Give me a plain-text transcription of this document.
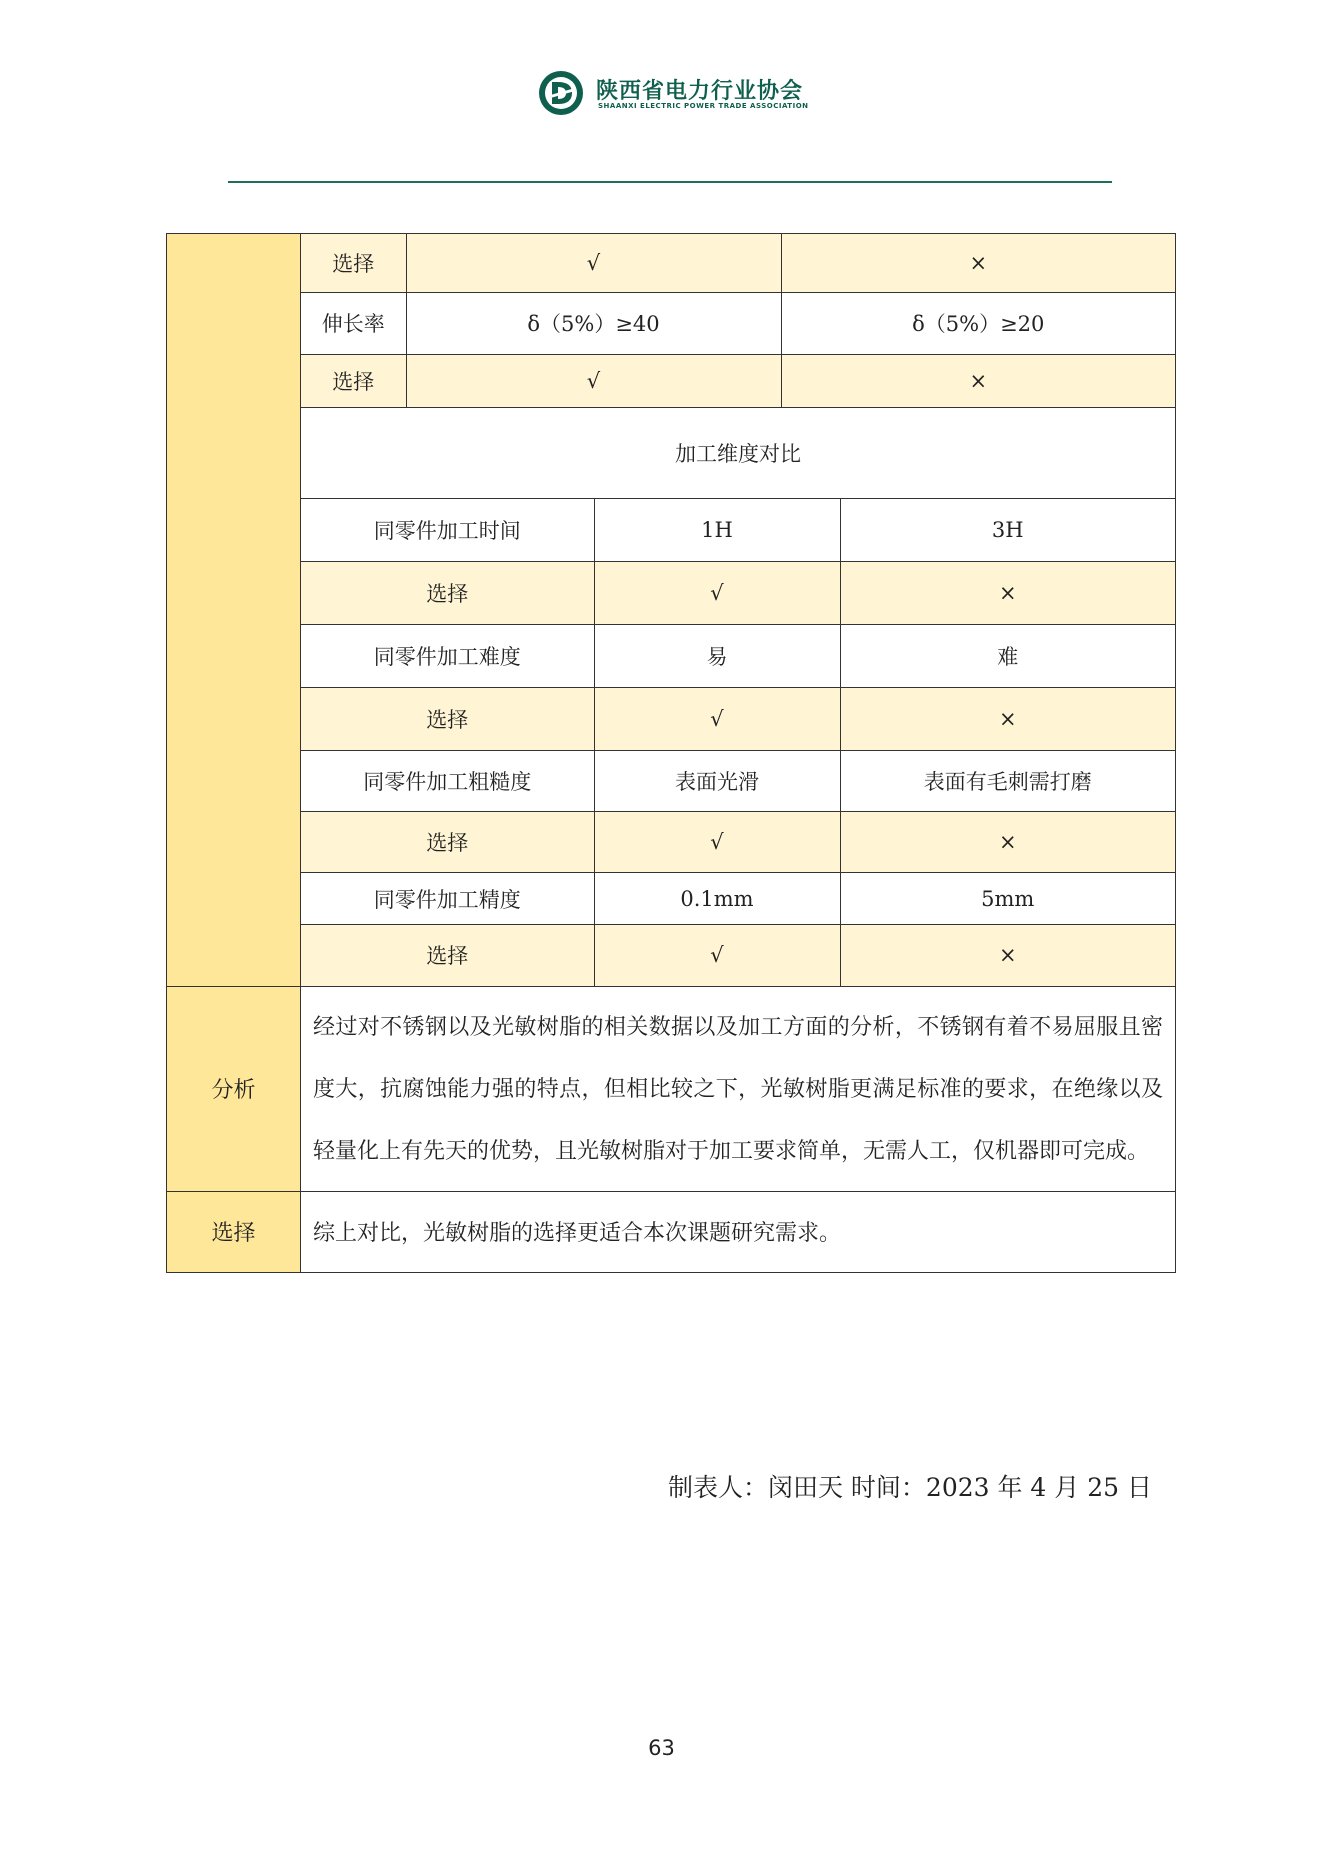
陕西省电力行业协会
SHAANXI ELECTRIC POWER TRADE ASSOCIATION

选择	√	×
伸长率	δ（5%）≥40	δ（5%）≥20
选择	√	×
加工维度对比
同零件加工时间	1H	3H
选择	√	×
同零件加工难度	易	难
选择	√	×
同零件加工粗糙度	表面光滑	表面有毛刺需打磨
选择	√	×
同零件加工精度	0.1mm	5mm
选择	√	×

分析	经过对不锈钢以及光敏树脂的相关数据以及加工方面的分析，不锈钢有着不易屈服且密度大，抗腐蚀能力强的特点，但相比较之下，光敏树脂更满足标准的要求，在绝缘以及轻量化上有先天的优势，且光敏树脂对于加工要求简单，无需人工，仅机器即可完成。
选择	综上对比，光敏树脂的选择更适合本次课题研究需求。
制表人：闵田天 时间：2023 年 4 月 25 日
63
